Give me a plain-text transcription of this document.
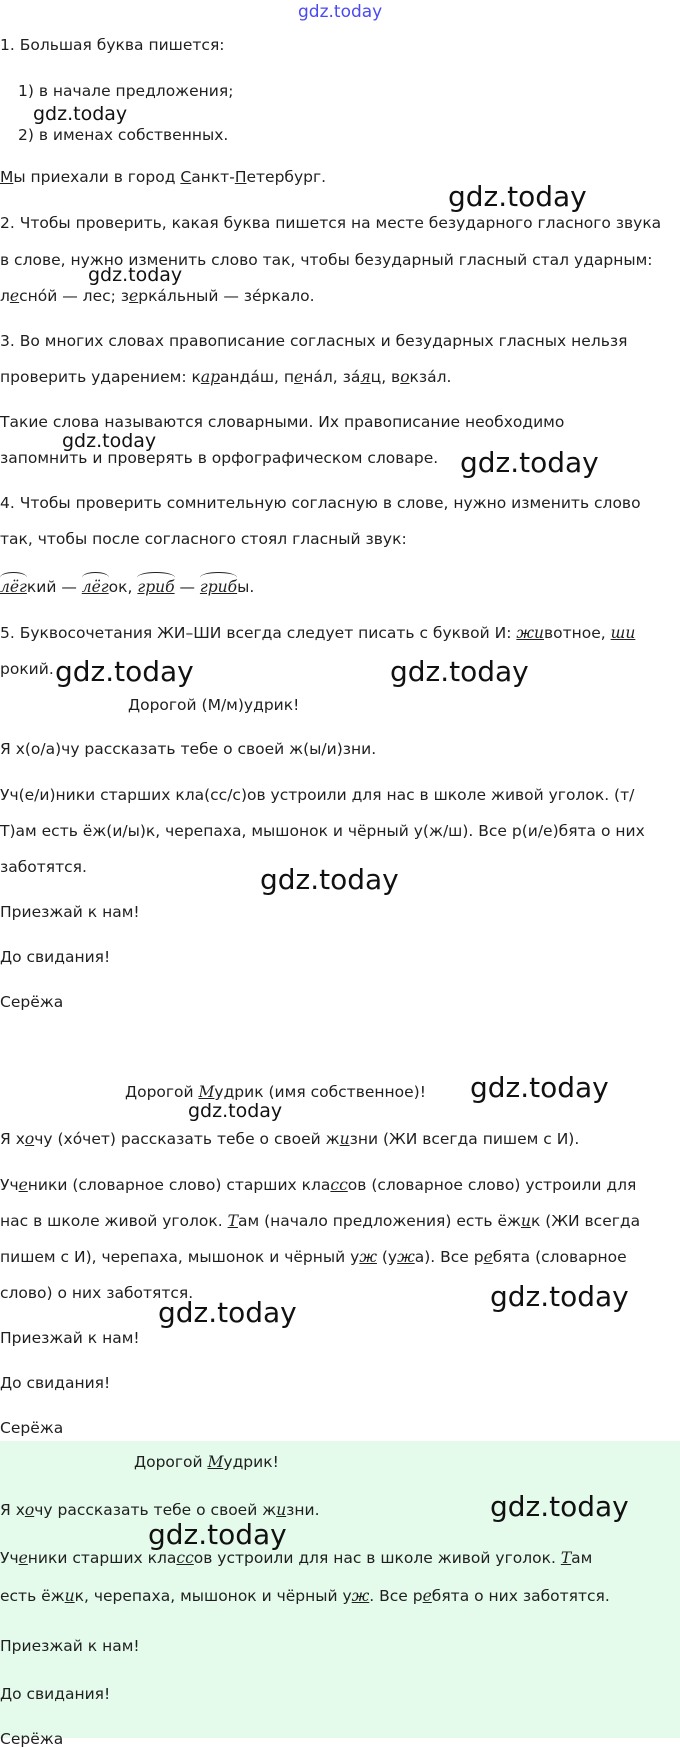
gdz.today
1. Большая буква пишется:
1) в начале предложения;
2) в именах собственных.
Мы приехали в город Санкт-Петербург.
2. Чтобы проверить, какая буква пишется на месте безударного гласного звука
в слове, нужно изменить слово так, чтобы безударный гласный стал ударным:
лесно́й — лес; зерка́льный — зе́ркало.
3. Во многих словах правописание согласных и безударных гласных нельзя
проверить ударением: каранда́ш, пена́л, за́яц, вокза́л.
Такие слова называются словарными. Их правописание необходимо
запомнить и проверять в орфографическом словаре.
4. Чтобы проверить сомнительную согласную в слове, нужно изменить слово
так, чтобы после согласного стоял гласный звук:
лёгкий — лёгок, гриб — грибы.
5. Буквосочетания ЖИ–ШИ всегда следует писать с буквой И: животное, ши
рокий.
Дорогой (М/м)удрик!
Я х(о/а)чу рассказать тебе о своей ж(ы/и)зни.
Уч(е/и)ники старших кла(сс/с)ов устроили для нас в школе живой уголок. (т/
Т)ам есть ёж(и/ы)к, черепаха, мышонок и чёрный у(ж/ш). Все р(и/е)бята о них
заботятся.
Приезжай к нам!
До свидания!
Серёжа
Дорогой Мудрик (имя собственное)!
Я хочу (хо́чет) рассказать тебе о своей жизни (ЖИ всегда пишем с И).
Ученики (словарное слово) старших классов (словарное слово) устроили для
нас в школе живой уголок. Там (начало предложения) есть ёжик (ЖИ всегда
пишем с И), черепаха, мышонок и чёрный уж (ужа). Все ребята (словарное
слово) о них заботятся.
Приезжай к нам!
До свидания!
Серёжа
Дорогой Мудрик!
Я хочу рассказать тебе о своей жизни.
Ученики старших классов устроили для нас в школе живой уголок. Там
есть ёжик, черепаха, мышонок и чёрный уж. Все ребята о них заботятся.
Приезжай к нам!
До свидания!
Серёжа
gdz.today
gdz.today
gdz.today
gdz.today
gdz.today
gdz.today	gdz.today
gdz.today
gdz.today
gdz.today
gdz.today
gdz.today
gdz.today
gdz.today
